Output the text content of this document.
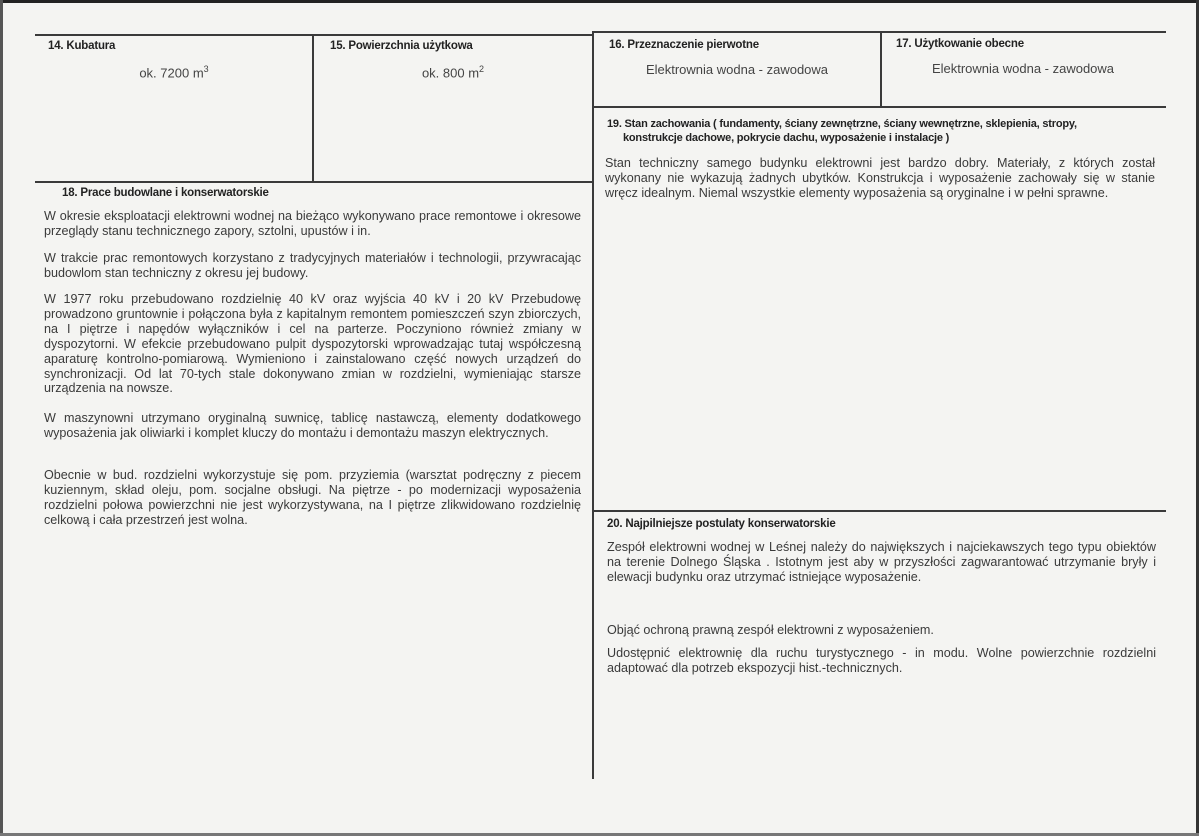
14. Kubatura
ok. 7200 $m^3$
15. Powierzchnia użytkowa
ok. 800 $m^2$
16. Przeznaczenie pierwotne
Elektrownia wodna - zawodowa
17. Użytkowanie obecne
Elektrownia wodna - zawodowa
19. Stan zachowania ( fundamenty, ściany zewnętrzne, ściany wewnętrzne, sklepienia, stropy,
konstrukcje dachowe, pokrycie dachu, wyposażenie i instalacje )

Stan techniczny samego budynku elektrowni jest bardzo dobry. Materiały, z których został wykonany nie wykazują żadnych ubytków. Konstrukcja i wyposażenie zachowały się w stanie wręcz idealnym. Niemal wszystkie elementy wyposażenia są oryginalne i w pełni sprawne.

18. Prace budowlane i konserwatorskie

W okresie eksploatacji elektrowni wodnej na bieżąco wykonywano prace remontowe i okresowe przeglądy stanu technicznego zapory, sztolni, upustów i in.

W trakcie prac remontowych korzystano z tradycyjnych materiałów i technologii, przywracając budowlom stan techniczny z okresu jej budowy.

W 1977 roku przebudowano rozdzielnię 40 kV oraz wyjścia 40 kV i 20 kV Przebudowę prowadzono gruntownie i połączona była z kapitalnym remontem pomieszczeń szyn zbiorczych, na I piętrze i napędów wyłączników i cel na parterze. Poczyniono również zmiany w dyspozytorni. W efekcie przebudowano pulpit dyspozytorski wprowadzając tutaj współczesną aparaturę kontrolno-pomiarową. Wymieniono i zainstalowano część nowych urządzeń do synchronizacji. Od lat 70-tych stale dokonywano zmian w rozdzielni, wymieniając starsze urządzenia na nowsze.

W maszynowni utrzymano oryginalną suwnicę, tablicę nastawczą, elementy dodatkowego wyposażenia jak oliwiarki i komplet kluczy do montażu i demontażu maszyn elektrycznych.

Obecnie w bud. rozdzielni wykorzystuje się pom. przyziemia (warsztat podręczny z piecem kuziennym, skład oleju, pom. socjalne obsługi. Na piętrze - po modernizacji wyposażenia rozdzielni połowa powierzchni nie jest wykorzystywana, na I piętrze zlikwidowano rozdzielnię celkową i cała przestrzeń jest wolna.	20. Najpilniejsze postulaty konserwatorskie

Zespół elektrowni wodnej w Leśnej należy do największych i najciekawszych tego typu obiektów na terenie Dolnego Śląska . Istotnym jest aby w przyszłości zagwarantować utrzymanie bryły i elewacji budynku oraz utrzymać istniejące wyposażenie.

Objąć ochroną prawną zespół elektrowni z wyposażeniem.

Udostępnić elektrownię dla ruchu turystycznego - in modu. Wolne powierzchnie rozdzielni adaptować dla potrzeb ekspozycji hist.-technicznych.
